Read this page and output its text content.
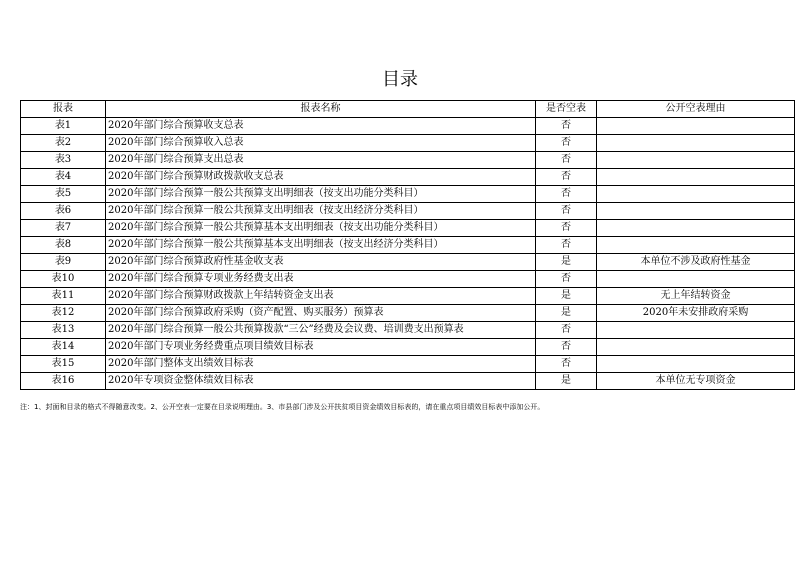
目录
报表	报表名称	是否空表	公开空表理由
表1	2020年部门综合预算收支总表	否	
表2	2020年部门综合预算收入总表	否	
表3	2020年部门综合预算支出总表	否	
表4	2020年部门综合预算财政拨款收支总表	否	
表5	2020年部门综合预算一般公共预算支出明细表（按支出功能分类科目）	否	
表6	2020年部门综合预算一般公共预算支出明细表（按支出经济分类科目）	否	
表7	2020年部门综合预算一般公共预算基本支出明细表（按支出功能分类科目）	否	
表8	2020年部门综合预算一般公共预算基本支出明细表（按支出经济分类科目）	否	
表9	2020年部门综合预算政府性基金收支表	是	本单位不涉及政府性基金
表10	2020年部门综合预算专项业务经费支出表	否	
表11	2020年部门综合预算财政拨款上年结转资金支出表	是	无上年结转资金
表12	2020年部门综合预算政府采购（资产配置、购买服务）预算表	是	2020年未安排政府采购
表13	2020年部门综合预算一般公共预算拨款“三公”经费及会议费、培训费支出预算表	否	
表14	2020年部门专项业务经费重点项目绩效目标表	否	
表15	2020年部门整体支出绩效目标表	否	
表16	2020年专项资金整体绩效目标表	是	本单位无专项资金
注：1、封面和目录的格式不得随意改变。2、公开空表一定要在目录说明理由。3、市县部门涉及公开扶贫项目资金绩效目标表的，请在重点项目绩效目标表中添加公开。
